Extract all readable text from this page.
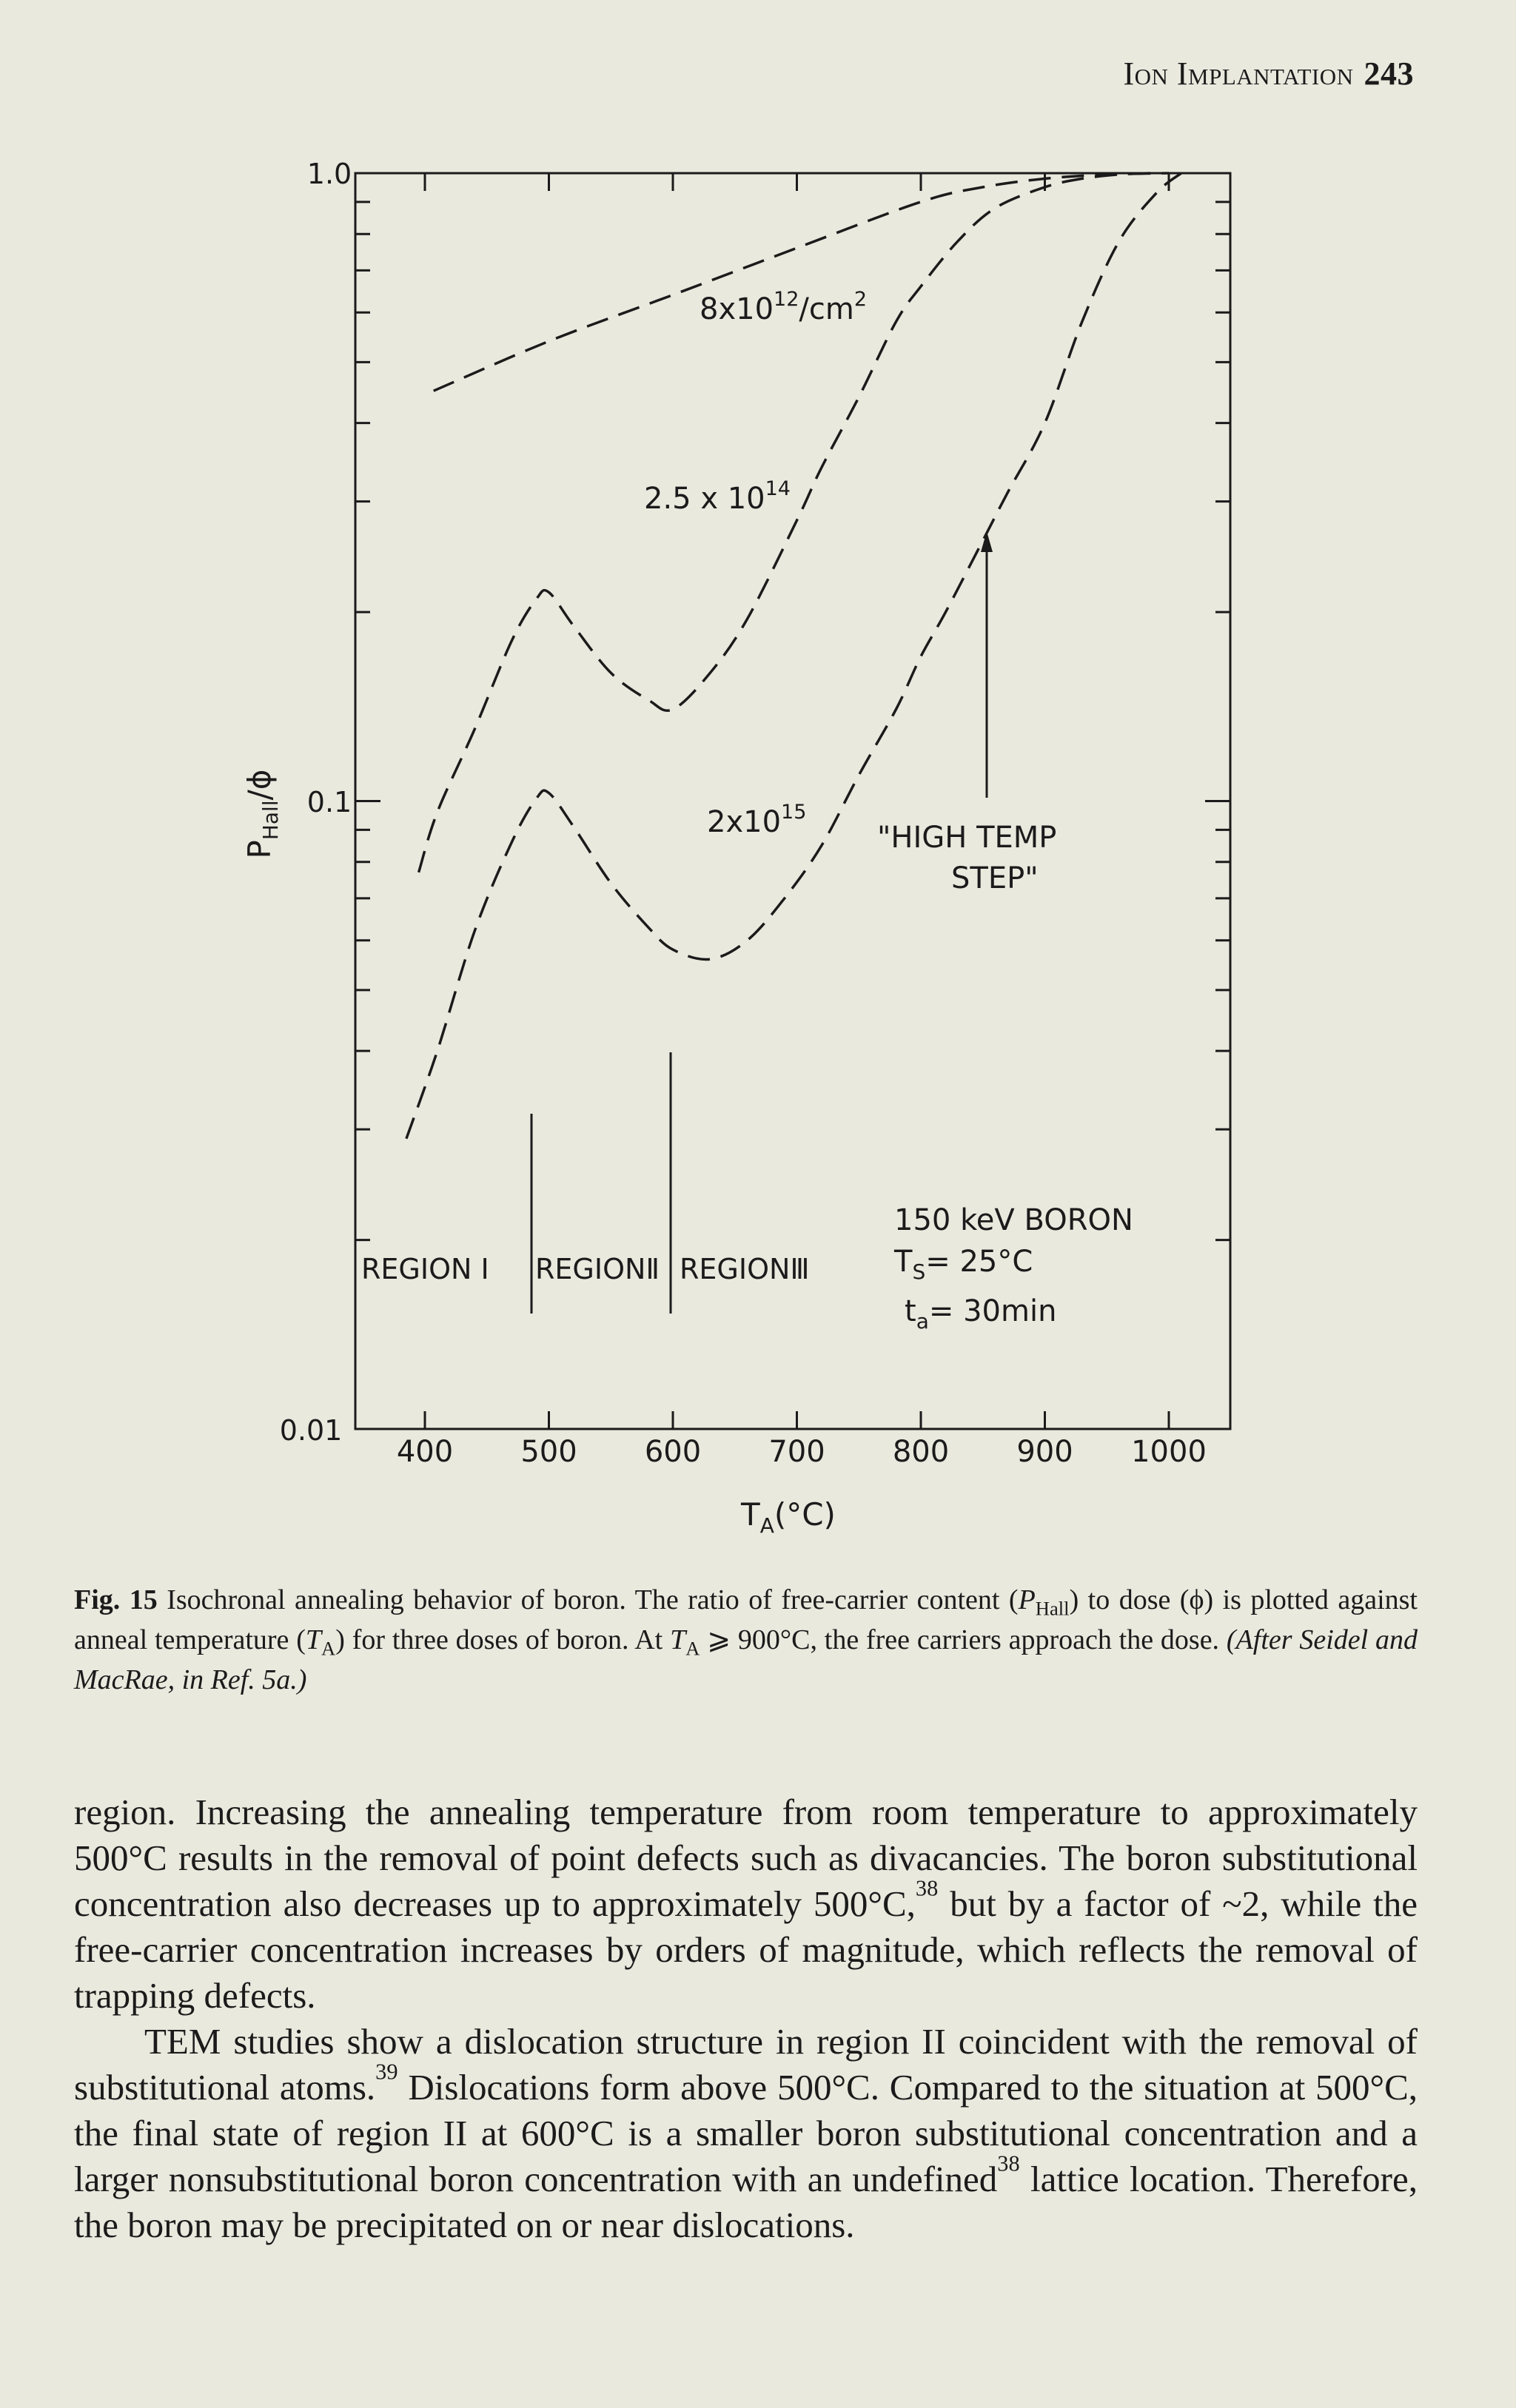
Ion Implantation 243
1.0
0.1
0.01
400 500 600 700 800 900 1000
$T_A(^\circ C)$
$P_{Hall}/\phi$
$8x10^{12}/cm^2$
2.5 x $10^{14}$
$2x10^{15}$
REGION Ⅰ REGIONⅡ REGIONⅢ
"HIGH TEMP
STEP"
150 keV BORON
$T_S= 25^\circ C$
$t_a= 30\min$
Fig. 15 Isochronal annealing behavior of boron. The ratio of free-carrier content $(P_{Hall})$ to dose (ϕ) is plotted against anneal temperature $(T_A)$ for three doses of boron. At $T_A$ ⩾ 900°C, the free carriers approach the dose. (After Seidel and MacRae, in Ref. 5a.)

region. Increasing the annealing temperature from room temperature to approximately 500°C results in the removal of point defects such as divacancies. The boron substitutional concentration also decreases up to approximately 500°C,$^{38}$ but by a factor of ~2, while the free-carrier concentration increases by orders of magnitude, which reflects the removal of trapping defects.

TEM studies show a dislocation structure in region II coincident with the removal of substitutional atoms.$^{39}$ Dislocations form above 500°C. Compared to the situation at 500°C, the final state of region II at 600°C is a smaller boron substitutional concentration and a larger nonsubstitutional boron concentration with an undefined$^{38}$ lattice location. Therefore, the boron may be precipitated on or near dislocations.
